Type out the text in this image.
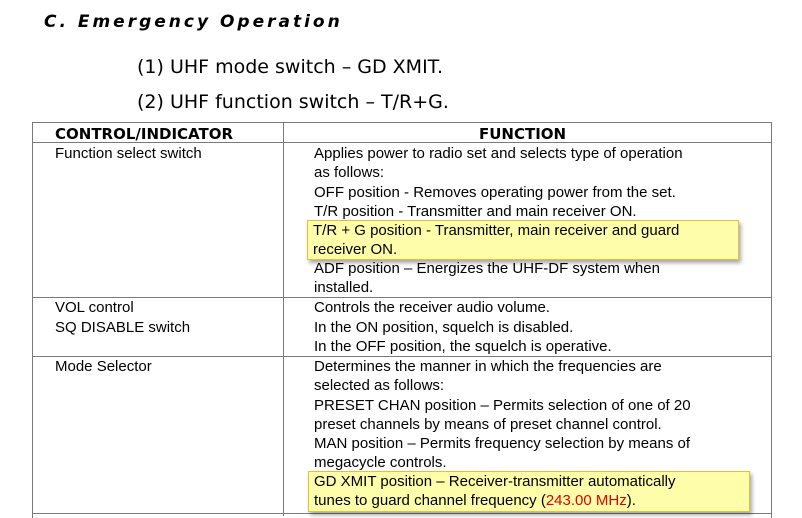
C. Emergency Operation
(1) UHF mode switch – GD XMIT.
(2) UHF function switch – T/R+G.
CONTROL/INDICATOR	FUNCTION
Function select switch	Applies power to radio set and selects type of operation
as follows:
OFF position - Removes operating power from the set.
T/R position - Transmitter and main receiver ON.
T/R + G position - Transmitter, main receiver and guard
receiver ON.
ADF position – Energizes the UHF-DF system when
installed.
VOL control	Controls the receiver audio volume.
SQ DISABLE switch	In the ON position, squelch is disabled.
In the OFF position, the squelch is operative.
Mode Selector	Determines the manner in which the frequencies are
selected as follows:
PRESET CHAN position – Permits selection of one of 20
preset channels by means of preset channel control.
MAN position – Permits frequency selection by means of
megacycle controls.
GD XMIT position – Receiver-transmitter automatically
tunes to guard channel frequency (243.00 MHz).
